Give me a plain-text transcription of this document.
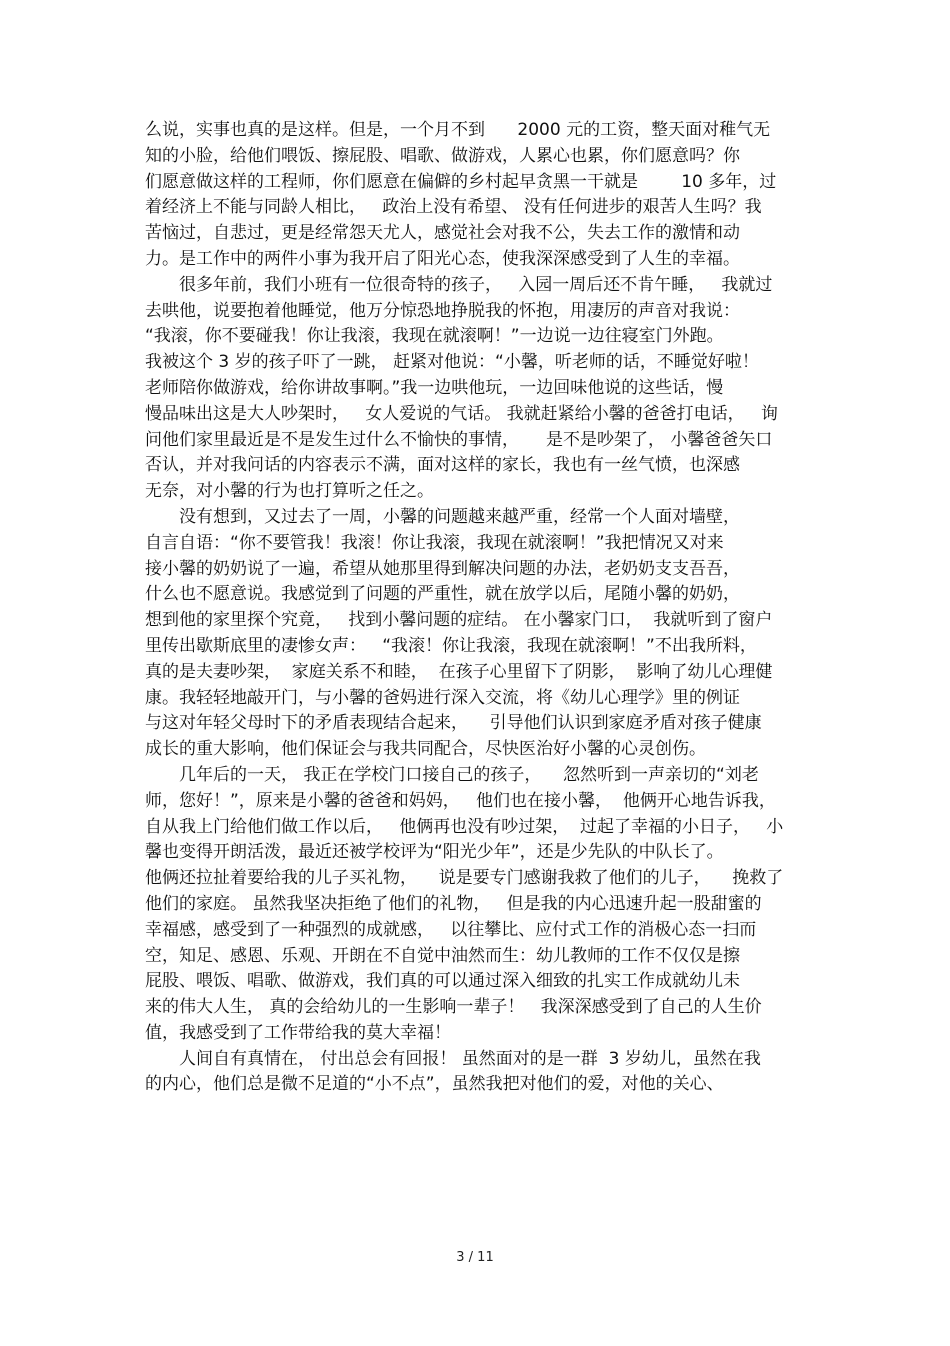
么说，实事也真的是这样。但是，一个月不到      2000 元的工资，整天面对稚气无
知的小脸，给他们喂饭、擦屁股、唱歌、做游戏，人累心也累，你们愿意吗？你
们愿意做这样的工程师，你们愿意在偏僻的乡村起早贪黑一干就是        10 多年，过
着经济上不能与同龄人相比，   政治上没有希望、 没有任何进步的艰苦人生吗？我
苦恼过，自悲过，更是经常怨天尤人，感觉社会对我不公，失去工作的激情和动
力。是工作中的两件小事为我开启了阳光心态，使我深深感受到了人生的幸福。
很多年前，我们小班有一位很奇特的孩子，   入园一周后还不肯午睡，   我就过
去哄他，说要抱着他睡觉，他万分惊恐地挣脱我的怀抱，用凄厉的声音对我说：
“我滚，你不要碰我！你让我滚，我现在就滚啊！”一边说一边往寝室门外跑。
我被这个 3 岁的孩子吓了一跳， 赶紧对他说：“小馨，听老师的话，不睡觉好啦！
老师陪你做游戏，给你讲故事啊。”我一边哄他玩，一边回味他说的这些话，慢
慢品味出这是大人吵架时，   女人爱说的气话。 我就赶紧给小馨的爸爸打电话，   询
问他们家里最近是不是发生过什么不愉快的事情，     是不是吵架了， 小馨爸爸矢口
否认，并对我问话的内容表示不满，面对这样的家长，我也有一丝气愤，也深感
无奈，对小馨的行为也打算听之任之。
没有想到，又过去了一周，小馨的问题越来越严重，经常一个人面对墙壁，
自言自语：“你不要管我！我滚！你让我滚，我现在就滚啊！”我把情况又对来
接小馨的奶奶说了一遍，希望从她那里得到解决问题的办法，老奶奶支支吾吾，
什么也不愿意说。我感觉到了问题的严重性，就在放学以后，尾随小馨的奶奶，
想到他的家里探个究竟，   找到小馨问题的症结。 在小馨家门口，  我就听到了窗户
里传出歇斯底里的凄惨女声：   “我滚！你让我滚，我现在就滚啊！”不出我所料，
真的是夫妻吵架，  家庭关系不和睦，  在孩子心里留下了阴影，  影响了幼儿心理健
康。我轻轻地敲开门，与小馨的爸妈进行深入交流，将《幼儿心理学》里的例证
与这对年轻父母时下的矛盾表现结合起来，    引导他们认识到家庭矛盾对孩子健康
成长的重大影响，他们保证会与我共同配合，尽快医治好小馨的心灵创伤。
几年后的一天， 我正在学校门口接自己的孩子，    忽然听到一声亲切的“刘老
师，您好！”，原来是小馨的爸爸和妈妈，   他们也在接小馨，  他俩开心地告诉我，
自从我上门给他们做工作以后，   他俩再也没有吵过架，  过起了幸福的小日子，   小
馨也变得开朗活泼，最近还被学校评为“阳光少年”，还是少先队的中队长了。
他俩还拉扯着要给我的儿子买礼物，    说是要专门感谢我救了他们的儿子，    挽救了
他们的家庭。 虽然我坚决拒绝了他们的礼物，   但是我的内心迅速升起一股甜蜜的
幸福感，感受到了一种强烈的成就感，   以往攀比、应付式工作的消极心态一扫而
空，知足、感恩、乐观、开朗在不自觉中油然而生：幼儿教师的工作不仅仅是擦
屁股、喂饭、唱歌、做游戏，我们真的可以通过深入细致的扎实工作成就幼儿未
来的伟大人生， 真的会给幼儿的一生影响一辈子！   我深深感受到了自己的人生价
值，我感受到了工作带给我的莫大幸福！
人间自有真情在， 付出总会有回报！ 虽然面对的是一群  3 岁幼儿，虽然在我
的内心，他们总是微不足道的“小不点”，虽然我把对他们的爱，对他的关心、
3 / 11
